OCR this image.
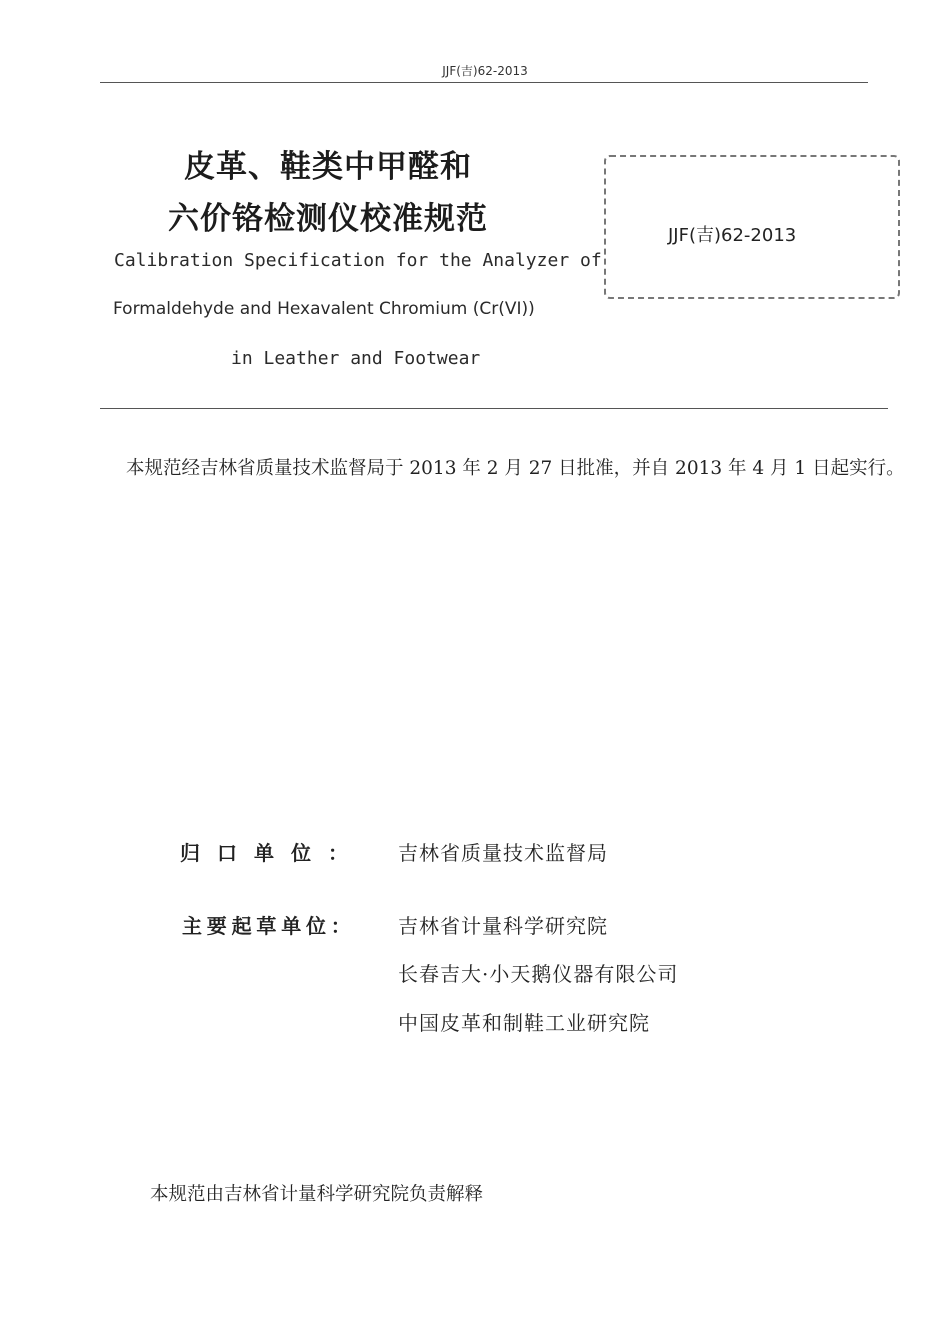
JJF(吉)62-2013
皮革、鞋类中甲醛和
六价铬检测仪校准规范
Calibration Specification for the Analyzer of
Formaldehyde and Hexavalent Chromium (Cr(VI))
in Leather and Footwear
JJF(吉)62-2013
本规范经吉林省质量技术监督局于 2013 年 2 月 27 日批准，并自 2013 年 4 月 1 日起实行。
归口单位： 吉林省质量技术监督局
主要起草单位： 吉林省计量科学研究院
长春吉大·小天鹅仪器有限公司
中国皮革和制鞋工业研究院
本规范由吉林省计量科学研究院负责解释
